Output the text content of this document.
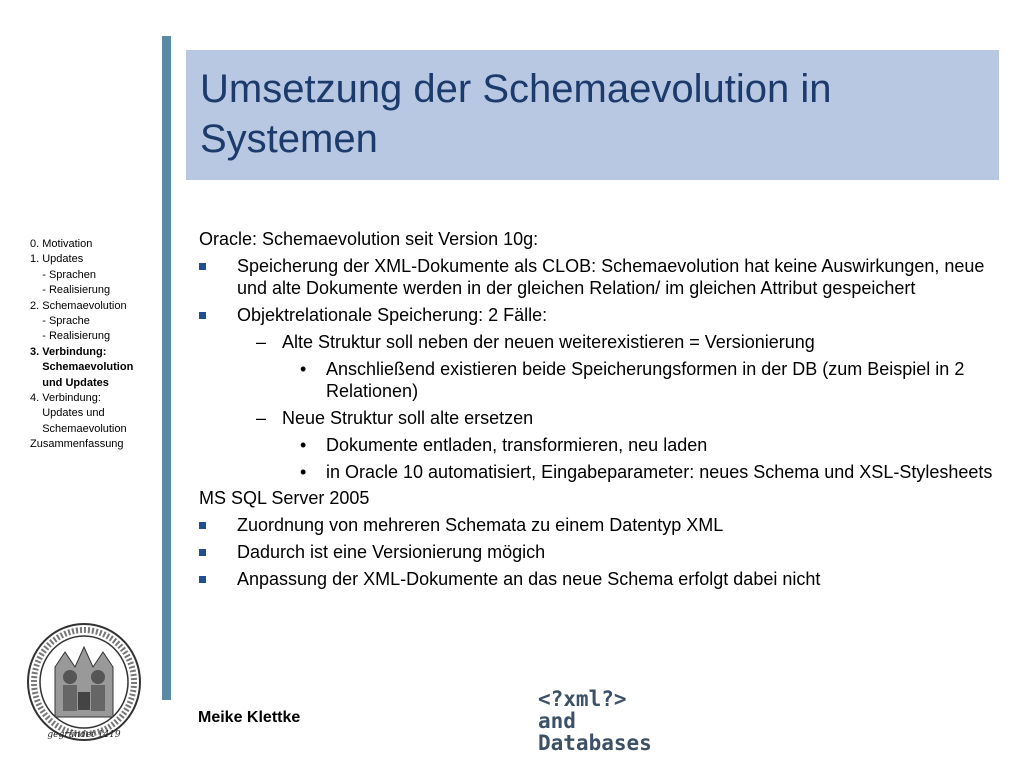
Umsetzung der Schemaevolution in Systemen
0. Motivation
1. Updates
- Sprachen
- Realisierung
2. Schemaevolution
- Sprache
- Realisierung
3. Verbindung:
Schemaevolution
und Updates
4. Verbindung:
Updates und
Schemaevolution
Zusammenfassung
Oracle: Schemaevolution seit Version 10g:
Speicherung der XML-Dokumente als CLOB: Schemaevolution hat keine Auswirkungen, neue und alte Dokumente werden in der gleichen Relation/ im gleichen Attribut gespeichert
Objektrelationale Speicherung: 2 Fälle:
– Alte Struktur soll neben der neuen weiterexistieren = Versionierung
• Anschließend existieren beide Speicherungsformen in der DB (zum Beispiel in 2 Relationen)
– Neue Struktur soll alte ersetzen
• Dokumente entladen, transformieren, neu laden
• in Oracle 10 automatisiert, Eingabeparameter: neues Schema und XSL-Stylesheets
MS SQL Server 2005
Zuordnung von mehreren Schemata zu einem Datentyp XML
Dadurch ist eine Versionierung mögich
Anpassung der XML-Dokumente an das neue Schema erfolgt dabei nicht
gegründet 1419
Meike Klettke
<?xml?>
and
Databases
